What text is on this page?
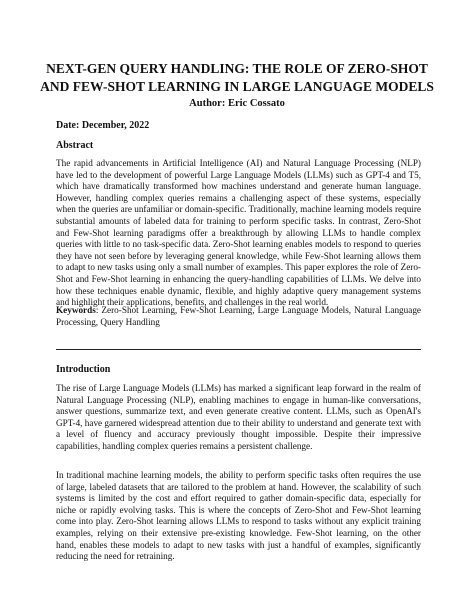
NEXT-GEN QUERY HANDLING: THE ROLE OF ZERO-SHOT
AND FEW-SHOT LEARNING IN LARGE LANGUAGE MODELS

Author: Eric Cossato

Date: December, 2022

Abstract

The rapid advancements in Artificial Intelligence (AI) and Natural Language Processing (NLP) have led to the development of powerful Large Language Models (LLMs) such as GPT-4 and T5, which have dramatically transformed how machines understand and generate human language. However, handling complex queries remains a challenging aspect of these systems, especially when the queries are unfamiliar or domain-specific. Traditionally, machine learning models require substantial amounts of labeled data for training to perform specific tasks. In contrast, Zero-Shot and Few-Shot learning paradigms offer a breakthrough by allowing LLMs to handle complex queries with little to no task-specific data. Zero-Shot learning enables models to respond to queries they have not seen before by leveraging general knowledge, while Few-Shot learning allows them to adapt to new tasks using only a small number of examples. This paper explores the role of Zero-Shot and Few-Shot learning in enhancing the query-handling capabilities of LLMs. We delve into how these techniques enable dynamic, flexible, and highly adaptive query management systems and highlight their applications, benefits, and challenges in the real world.

Keywords: Zero-Shot Learning, Few-Shot Learning, Large Language Models, Natural Language Processing, Query Handling

Introduction

The rise of Large Language Models (LLMs) has marked a significant leap forward in the realm of Natural Language Processing (NLP), enabling machines to engage in human-like conversations, answer questions, summarize text, and even generate creative content. LLMs, such as OpenAI's GPT-4, have garnered widespread attention due to their ability to understand and generate text with a level of fluency and accuracy previously thought impossible. Despite their impressive capabilities, handling complex queries remains a persistent challenge.

In traditional machine learning models, the ability to perform specific tasks often requires the use of large, labeled datasets that are tailored to the problem at hand. However, the scalability of such systems is limited by the cost and effort required to gather domain-specific data, especially for niche or rapidly evolving tasks. This is where the concepts of Zero-Shot and Few-Shot learning come into play. Zero-Shot learning allows LLMs to respond to tasks without any explicit training examples, relying on their extensive pre-existing knowledge. Few-Shot learning, on the other hand, enables these models to adapt to new tasks with just a handful of examples, significantly reducing the need for retraining.
